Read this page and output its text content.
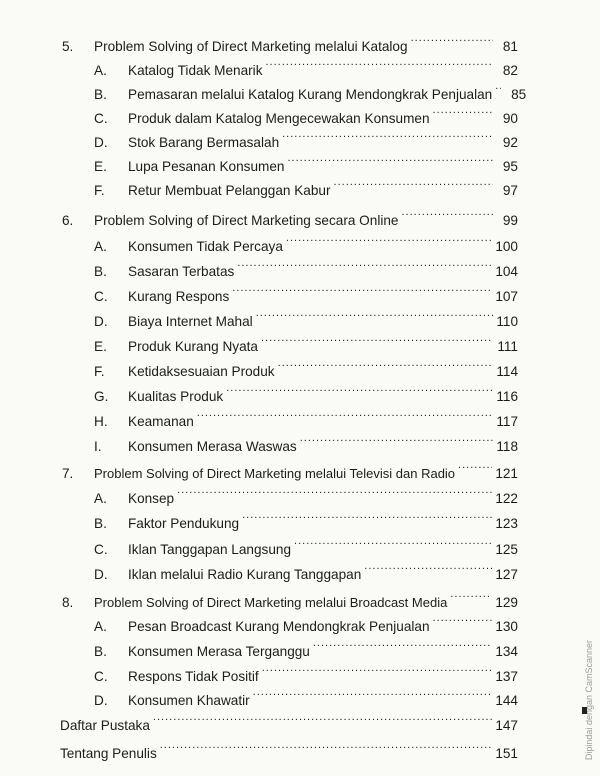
5.	Problem Solving of Direct Marketing melalui Katalog .....	81
A.	Katalog Tidak Menarik .....	82
B.	Pemasaran melalui Katalog Kurang Mendongkrak Penjualan .....	85
C.	Produk dalam Katalog Mengecewakan Konsumen .....	90
D.	Stok Barang Bermasalah .....	92
E.	Lupa Pesanan Konsumen .....	95
F.	Retur Membuat Pelanggan Kabur .....	97
6.	Problem Solving of Direct Marketing secara Online .....	99
A.	Konsumen Tidak Percaya .....	100
B.	Sasaran Terbatas .....	104
C.	Kurang Respons .....	107
D.	Biaya Internet Mahal .....	110
E.	Produk Kurang Nyata .....	111
F.	Ketidaksesuaian Produk .....	114
G.	Kualitas Produk .....	116
H.	Keamanan .....	117
I.	Konsumen Merasa Waswas .....	118
7.	Problem Solving of Direct Marketing melalui Televisi dan Radio .....	121
A.	Konsep .....	122
B.	Faktor Pendukung .....	123
C.	Iklan Tanggapan Langsung .....	125
D.	Iklan melalui Radio Kurang Tanggapan .....	127
8.	Problem Solving of Direct Marketing melalui Broadcast Media .....	129
A.	Pesan Broadcast Kurang Mendongkrak Penjualan .....	130
B.	Konsumen Merasa Terganggu .....	134
C.	Respons Tidak Positif .....	137
D.	Konsumen Khawatir .....	144
Daftar Pustaka .....	147
Tentang Penulis .....	151	Dipindai dengan CamScanner
